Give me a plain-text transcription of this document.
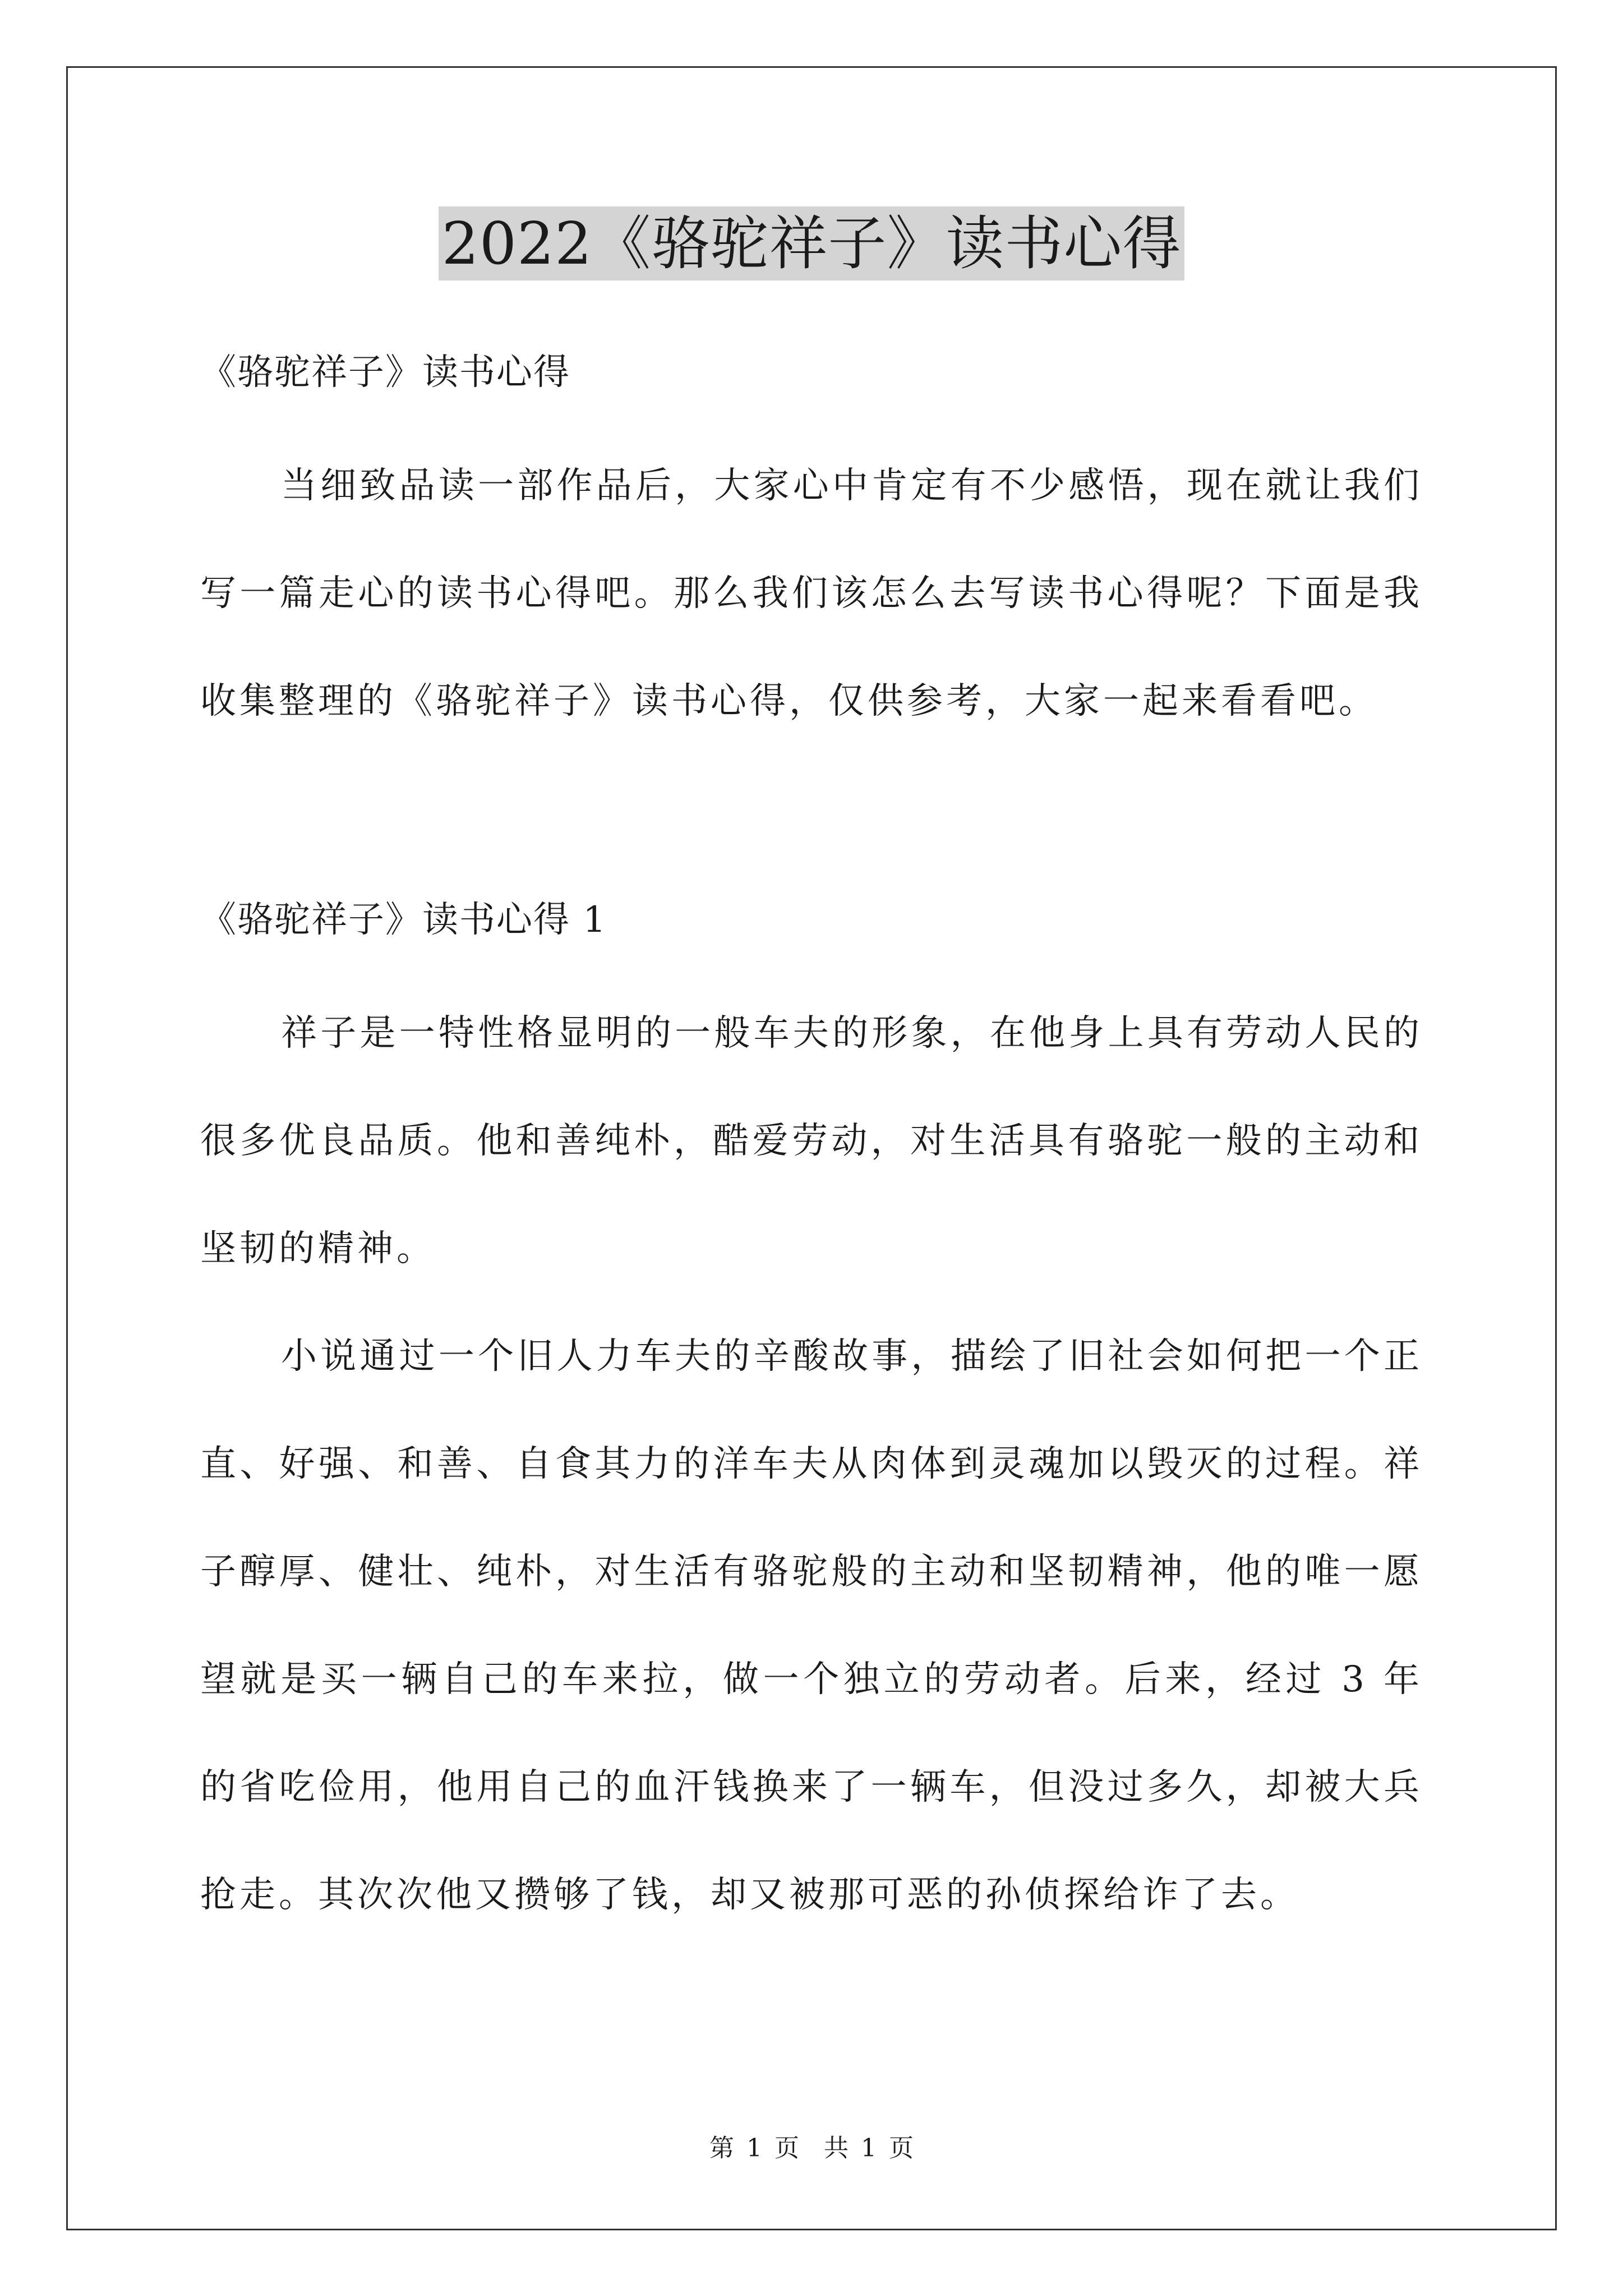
2022《骆驼祥子》读书心得

《骆驼祥子》读书心得

当细致品读一部作品后，大家心中肯定有不少感悟，现在就让我们写一篇走心的读书心得吧。那么我们该怎么去写读书心得呢？下面是我收集整理的《骆驼祥子》读书心得，仅供参考，大家一起来看看吧。

《骆驼祥子》读书心得 1

祥子是一特性格显明的一般车夫的形象，在他身上具有劳动人民的很多优良品质。他和善纯朴，酷爱劳动，对生活具有骆驼一般的主动和坚韧的精神。

小说通过一个旧人力车夫的辛酸故事，描绘了旧社会如何把一个正直、好强、和善、自食其力的洋车夫从肉体到灵魂加以毁灭的过程。祥子醇厚、健壮、纯朴，对生活有骆驼般的主动和坚韧精神，他的唯一愿望就是买一辆自己的车来拉，做一个独立的劳动者。后来，经过 3 年的省吃俭用，他用自己的血汗钱换来了一辆车，但没过多久，却被大兵抢走。其次次他又攒够了钱，却又被那可恶的孙侦探给诈了去。

第 1 页　共 1 页
